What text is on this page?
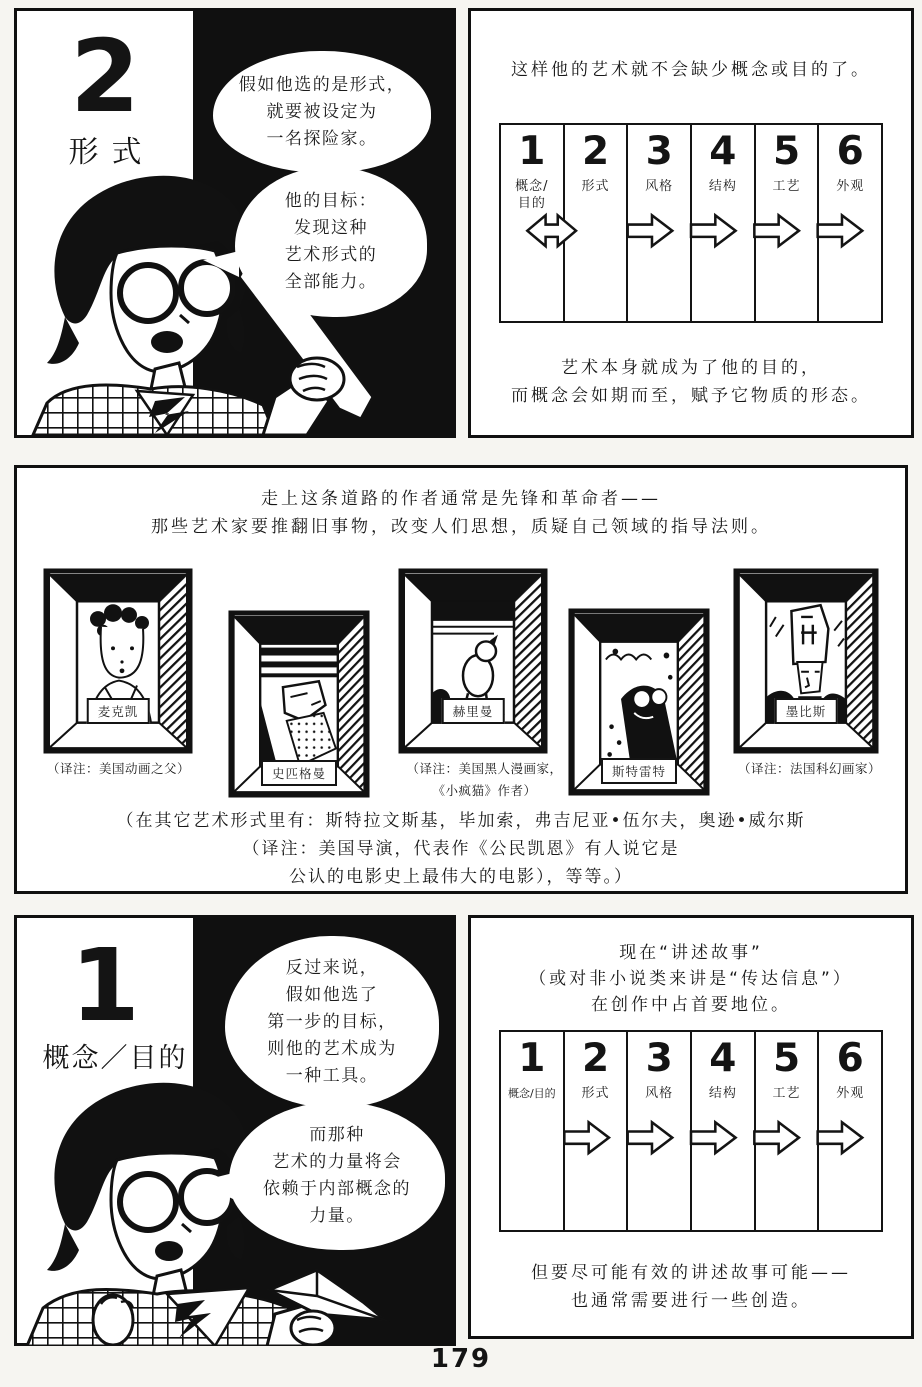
2
形式
假如他选的是形式，
就要被设定为
一名探险家。
他的目标：
发现这种
艺术形式的
全部能力。
这样他的艺术就不会缺少概念或目的了。
1
概念/
目的
2
形式
3
风格
4
结构
5
工艺
6
外观
艺术本身就成为了他的目的，
而概念会如期而至，赋予它物质的形态。
走上这条道路的作者通常是先锋和革命者——
那些艺术家要推翻旧事物，改变人们思想，质疑自己领域的指导法则。
麦克凯
史匹格曼
赫里曼
斯特雷特
墨比斯
（译注：美国动画之父）	（译注：美国黑人漫画家，
《小疯猫》作者）
（译注：法国科幻画家）
（在其它艺术形式里有：斯特拉文斯基，毕加索，弗吉尼亚•伍尔夫，奥逊•威尔斯
（译注：美国导演，代表作《公民凯恩》有人说它是
公认的电影史上最伟大的电影），等等。）
1
概念／目的
反过来说，
假如他选了
第一步的目标，
则他的艺术成为
一种工具。
而那种
艺术的力量将会
依赖于内部概念的
力量。
现在“讲述故事”
（或对非小说类来讲是“传达信息”）
在创作中占首要地位。
1
概念/目的
2
形式
3
风格
4
结构
5
工艺
6
外观
但要尽可能有效的讲述故事可能——
也通常需要进行一些创造。
179
